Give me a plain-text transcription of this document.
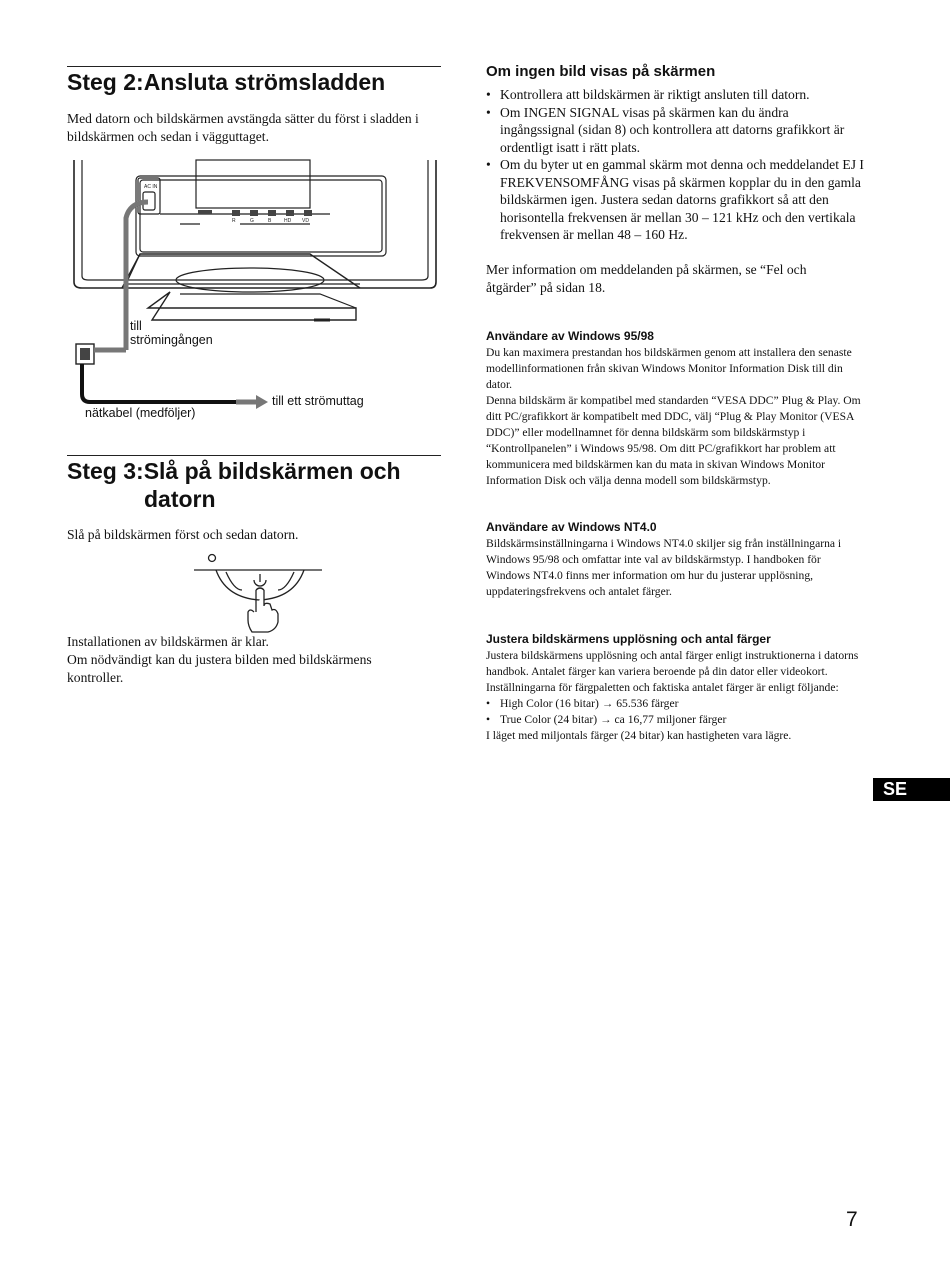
Steg 2:Ansluta strömsladden

Med datorn och bildskärmen avstängda sätter du först i sladden i bildskärmen och sedan i vägguttaget.

AC IN
R	G	B	HD VD
till
strömingången
nätkabel (medföljer)
till ett strömuttag
Steg 3:Slå på bildskärmen och
datorn

Slå på bildskärmen först och sedan datorn.

Installationen av bildskärmen är klar.

Om nödvändigt kan du justera bilden med bildskärmens kontroller.

Om ingen bild visas på skärmen
• Kontrollera att bildskärmen är riktigt ansluten till datorn.
• Om INGEN SIGNAL visas på skärmen kan du ändra ingångssignal (sidan 8) och kontrollera att datorns grafikkort är ordentligt isatt i rätt plats.
• Om du byter ut en gammal skärm mot denna och meddelandet EJ I FREKVENSOMFÅNG visas på skärmen kopplar du in den gamla bildskärmen igen. Justera sedan datorns grafikkort så att den horisontella frekvensen är mellan 30 – 121 kHz och den vertikala frekvensen är mellan 48 – 160 Hz.

Mer information om meddelanden på skärmen, se “Fel och åtgärder” på sidan 18.

Användare av Windows 95/98

Du kan maximera prestandan hos bildskärmen genom att installera den senaste modellinformationen från skivan Windows Monitor Information Disk till din dator.

Denna bildskärm är kompatibel med standarden “VESA DDC” Plug & Play. Om ditt PC/grafikkort är kompatibelt med DDC, välj “Plug & Play Monitor (VESA DDC)” eller modellnamnet för denna bildskärm som bildskärmstyp i “Kontrollpanelen” i Windows 95/98. Om ditt PC/grafikkort har problem att kommunicera med bildskärmen kan du mata in skivan Windows Monitor Information Disk och välja denna modell som bildskärmstyp.

Användare av Windows NT4.0

Bildskärmsinställningarna i Windows NT4.0 skiljer sig från inställningarna i Windows 95/98 och omfattar inte val av bildskärmstyp. I handboken för Windows NT4.0 finns mer information om hur du justerar upplösning, uppdateringsfrekvens och antalet färger.

Justera bildskärmens upplösning och antal färger

Justera bildskärmens upplösning och antal färger enligt instruktionerna i datorns handbok. Antalet färger kan variera beroende på din dator eller videokort. Inställningarna för färgpaletten och faktiska antalet färger är enligt följande:

• High Color (16 bitar) → 65.536 färger
• True Color (24 bitar) → ca 16,77 miljoner färger

I läget med miljontals färger (24 bitar) kan hastigheten vara lägre.

SE
7
